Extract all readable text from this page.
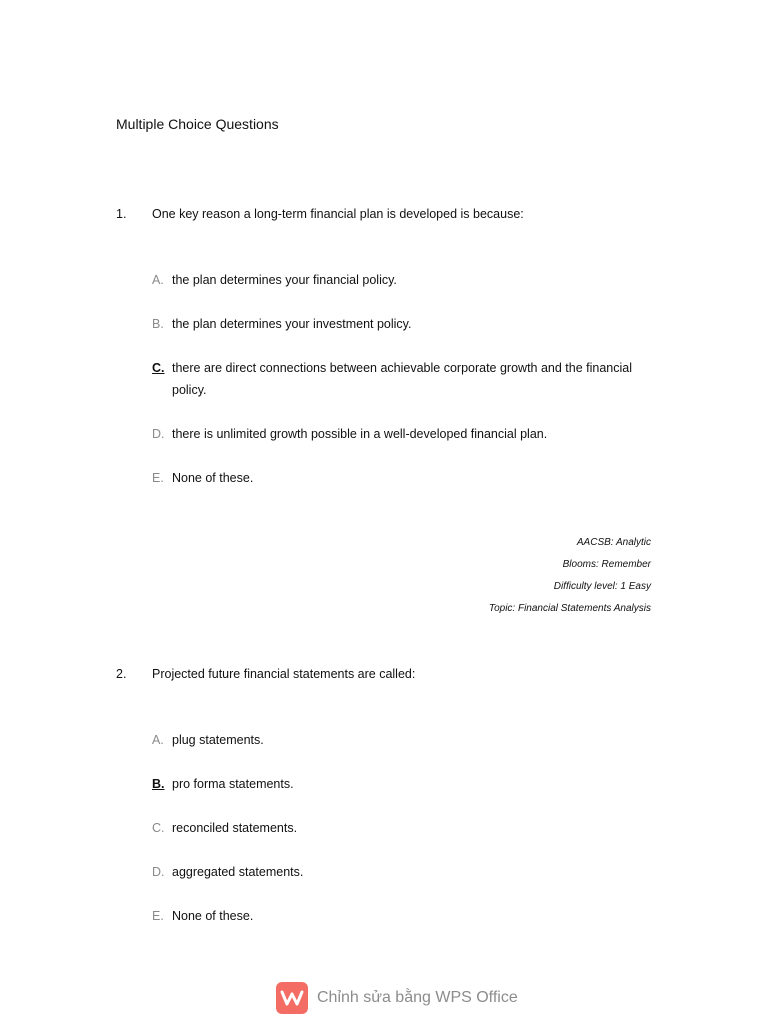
Multiple Choice Questions
1. One key reason a long-term financial plan is developed is because:
A. the plan determines your financial policy.
B. the plan determines your investment policy.
C. there are direct connections between achievable corporate growth and the financial policy.
D. there is unlimited growth possible in a well-developed financial plan.
E. None of these.
AACSB: Analytic
Blooms: Remember
Difficulty level: 1 Easy
Topic: Financial Statements Analysis
2. Projected future financial statements are called:
A. plug statements.
B. pro forma statements.
C. reconciled statements.
D. aggregated statements.
E. None of these.
Chỉnh sửa bằng WPS Office
